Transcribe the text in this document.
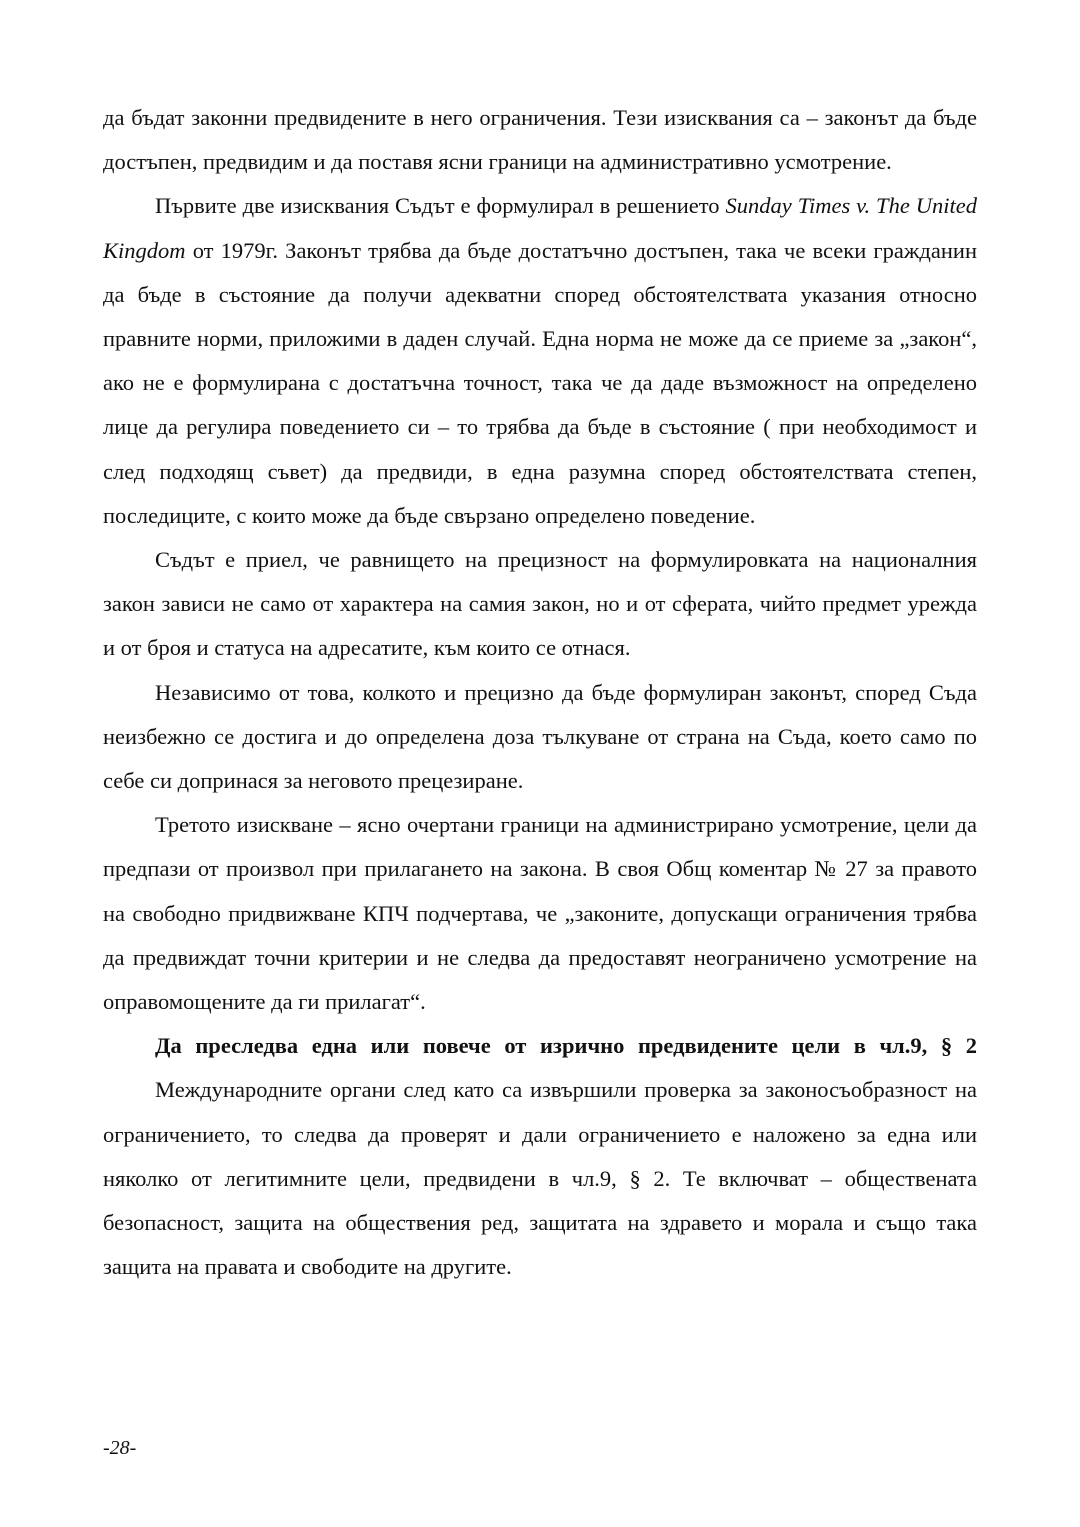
да бъдат законни предвидените в него ограничения. Тези изисквания са – законът да бъде достъпен, предвидим и да поставя ясни граници на административно усмотрение.

Първите две изисквания Съдът е формулирал в решението Sunday Times v. The United Kingdom от 1979г. Законът трябва да бъде достатъчно достъпен, така че всеки гражданин да бъде в състояние да получи адекватни според обстоятелствата указания относно правните норми, приложими в даден случай. Една норма не може да се приеме за „закон“, ако не е формулирана с достатъчна точност, така че да даде възможност на определено лице да регулира поведението си – то трябва да бъде в състояние ( при необходимост и след подходящ съвет) да предвиди, в една разумна според обстоятелствата степен, последиците, с които може да бъде свързано определено поведение.

Съдът е приел, че равнището на прецизност на формулировката на националния закон зависи не само от характера на самия закон, но и от сферата, чийто предмет урежда и от броя и статуса на адресатите, към които се отнася.

Независимо от това, колкото и прецизно да бъде формулиран законът, според Съда неизбежно се достига и до определена доза тълкуване от страна на Съда, което само по себе си допринася за неговото прецезиране.

Третото изискване – ясно очертани граници на администрирано усмотрение, цели да предпази от произвол при прилагането на закона. В своя Общ коментар № 27 за правото на свободно придвижване КПЧ подчертава, че „законите, допускащи ограничения трябва да предвиждат точни критерии и не следва да предоставят неограничено усмотрение на оправомощените да ги прилагат“.

Да преследва една или повече от изрично предвидените цели в чл.9, § 2

Международните органи след като са извършили проверка за законосъобразност на ограничението, то следва да проверят и дали ограничението е наложено за една или няколко от легитимните цели, предвидени в чл.9, § 2. Те включват – обществената безопасност, защита на обществения ред, защитата на здравето и морала и също така защита на правата и свободите на другите.

-28-
